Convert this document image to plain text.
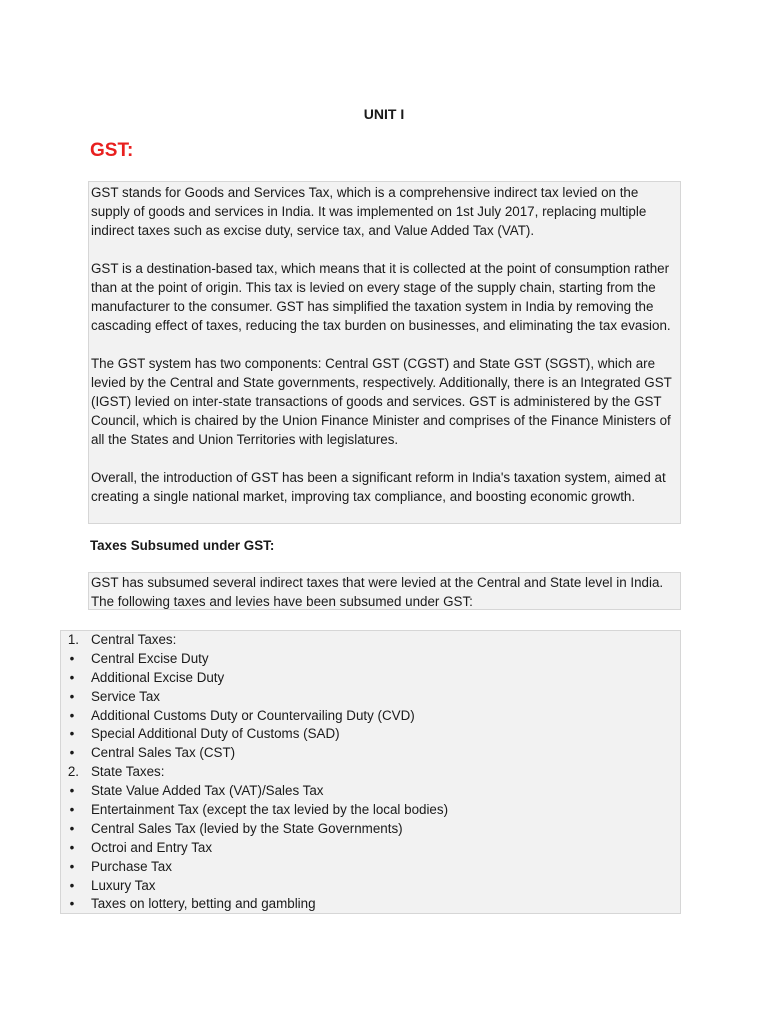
UNIT I
GST:

GST stands for Goods and Services Tax, which is a comprehensive indirect tax levied on the supply of goods and services in India. It was implemented on 1st July 2017, replacing multiple indirect taxes such as excise duty, service tax, and Value Added Tax (VAT).

GST is a destination-based tax, which means that it is collected at the point of consumption rather than at the point of origin. This tax is levied on every stage of the supply chain, starting from the manufacturer to the consumer. GST has simplified the taxation system in India by removing the cascading effect of taxes, reducing the tax burden on businesses, and eliminating the tax evasion.

The GST system has two components: Central GST (CGST) and State GST (SGST), which are levied by the Central and State governments, respectively. Additionally, there is an Integrated GST (IGST) levied on inter-state transactions of goods and services. GST is administered by the GST Council, which is chaired by the Union Finance Minister and comprises of the Finance Ministers of all the States and Union Territories with legislatures.

Overall, the introduction of GST has been a significant reform in India's taxation system, aimed at creating a single national market, improving tax compliance, and boosting economic growth.

Taxes Subsumed under GST:

GST has subsumed several indirect taxes that were levied at the Central and State level in India. The following taxes and levies have been subsumed under GST:

1. Central Taxes:
•	Central Excise Duty
•	Additional Excise Duty
•	Service Tax
•	Additional Customs Duty or Countervailing Duty (CVD)
•	Special Additional Duty of Customs (SAD)
•	Central Sales Tax (CST)
2. State Taxes:
•	State Value Added Tax (VAT)/Sales Tax
•	Entertainment Tax (except the tax levied by the local bodies)
•	Central Sales Tax (levied by the State Governments)
•	Octroi and Entry Tax
•	Purchase Tax
•	Luxury Tax
•	Taxes on lottery, betting and gambling
